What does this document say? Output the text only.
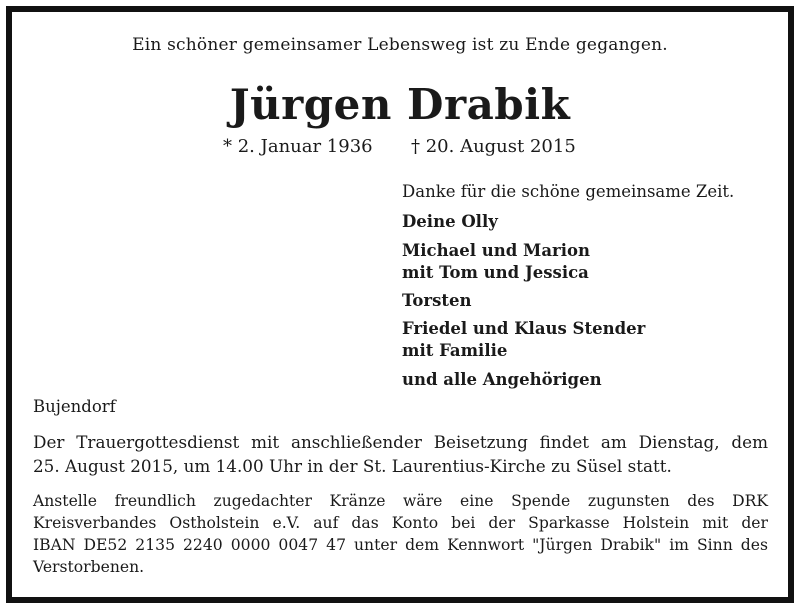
Ein schöner gemeinsamer Lebensweg ist zu Ende gegangen.
Jürgen Drabik
* 2. Januar 1936 † 20. August 2015
Danke für die schöne gemeinsame Zeit.
Deine Olly
Michael und Marion
mit Tom und Jessica
Torsten
Friedel und Klaus Stender
mit Familie
und alle Angehörigen
Bujendorf
Der Trauergottesdienst mit anschließender Beisetzung findet am Dienstag, dem
25. August 2015, um 14.00 Uhr in der St. Laurentius-Kirche zu Süsel statt.
Anstelle freundlich zugedachter Kränze wäre eine Spende zugunsten des DRK
Kreisverbandes Ostholstein e.V. auf das Konto bei der Sparkasse Holstein mit der
IBAN DE52 2135 2240 0000 0047 47 unter dem Kennwort "Jürgen Drabik" im Sinn des
Verstorbenen.
